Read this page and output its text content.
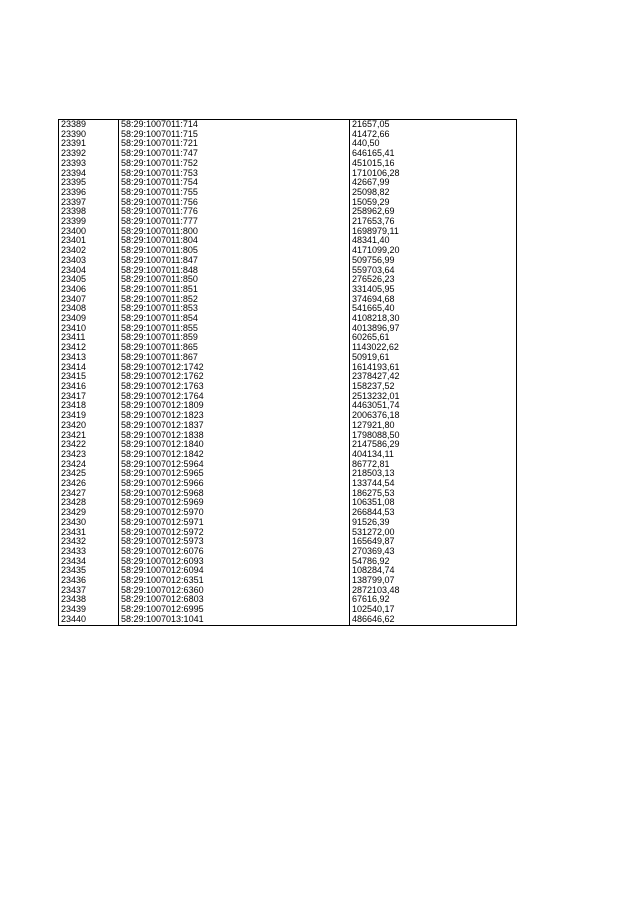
23389	58:29:1007011:714	21657,05
23390	58:29:1007011:715	41472,66
23391	58:29:1007011:721	440,50
23392	58:29:1007011:747	646165,41
23393	58:29:1007011:752	451015,16
23394	58:29:1007011:753	1710106,28
23395	58:29:1007011:754	42667,99
23396	58:29:1007011:755	25098,82
23397	58:29:1007011:756	15059,29
23398	58:29:1007011:776	258962,69
23399	58:29:1007011:777	217653,76
23400	58:29:1007011:800	1698979,11
23401	58:29:1007011:804	48341,40
23402	58:29:1007011:805	4171099,20
23403	58:29:1007011:847	509756,99
23404	58:29:1007011:848	559703,64
23405	58:29:1007011:850	276526,23
23406	58:29:1007011:851	331405,95
23407	58:29:1007011:852	374694,68
23408	58:29:1007011:853	541665,40
23409	58:29:1007011:854	4108218,30
23410	58:29:1007011:855	4013896,97
23411	58:29:1007011:859	60265,61
23412	58:29:1007011:865	1143022,62
23413	58:29:1007011:867	50919,61
23414	58:29:1007012:1742	1614193,61
23415	58:29:1007012:1762	2378427,42
23416	58:29:1007012:1763	158237,52
23417	58:29:1007012:1764	2513232,01
23418	58:29:1007012:1809	4463051,74
23419	58:29:1007012:1823	2006376,18
23420	58:29:1007012:1837	127921,80
23421	58:29:1007012:1838	1798088,50
23422	58:29:1007012:1840	2147586,29
23423	58:29:1007012:1842	404134,11
23424	58:29:1007012:5964	86772,81
23425	58:29:1007012:5965	218503,13
23426	58:29:1007012:5966	133744,54
23427	58:29:1007012:5968	186275,53
23428	58:29:1007012:5969	106351,08
23429	58:29:1007012:5970	266844,53
23430	58:29:1007012:5971	91526,39
23431	58:29:1007012:5972	531272,00
23432	58:29:1007012:5973	165649,87
23433	58:29:1007012:6076	270369,43
23434	58:29:1007012:6093	54786,92
23435	58:29:1007012:6094	108284,74
23436	58:29:1007012:6351	138799,07
23437	58:29:1007012:6360	2872103,48
23438	58:29:1007012:6803	67616,92
23439	58:29:1007012:6995	102540,17
23440	58:29:1007013:1041	486646,62
